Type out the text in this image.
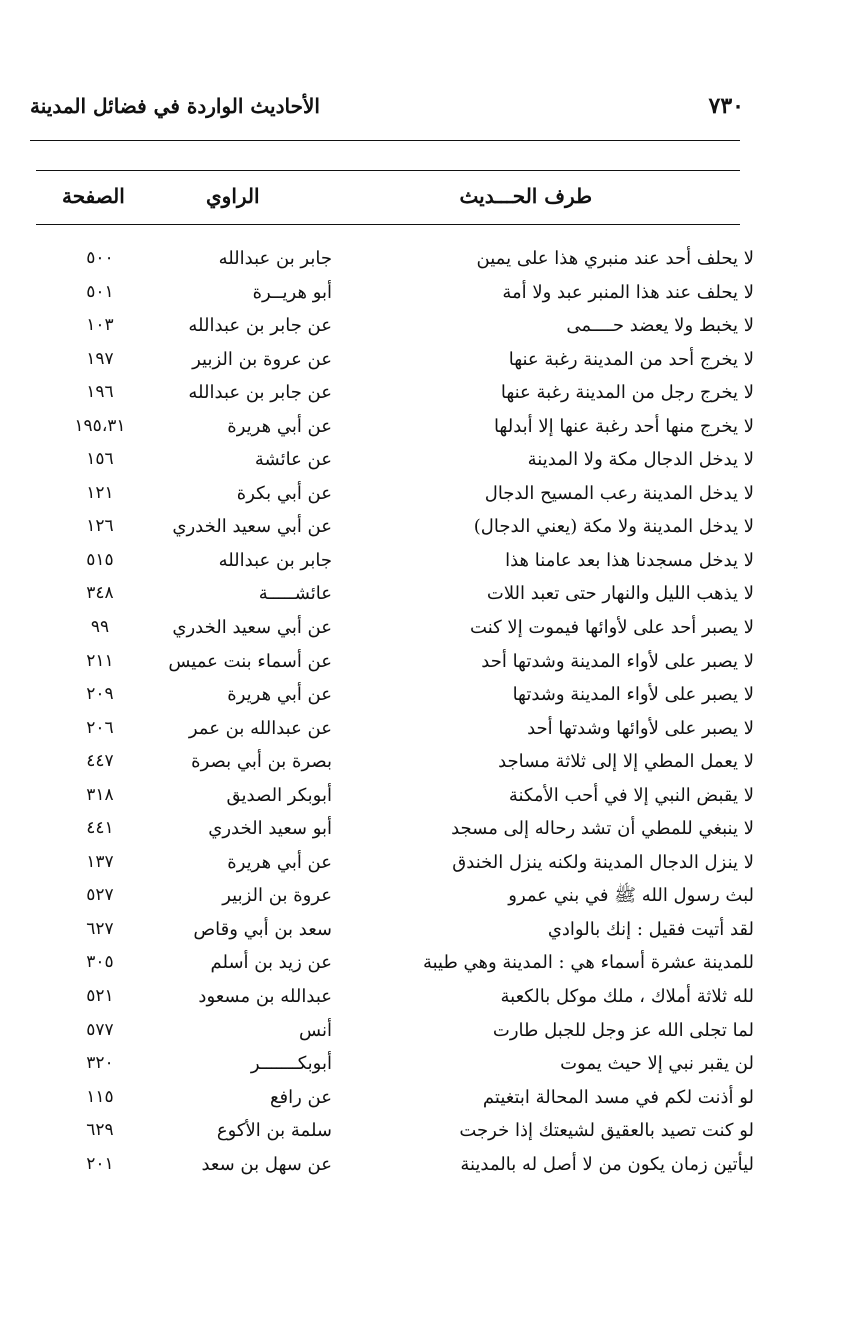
٧٣٠
الأحاديث الواردة في فضائل المدينة
طرف الحـــديث
الراوي
الصفحة
لا يحلف أحد عند منبري هذا على يمين
جابر بن عبدالله
٥٠٠
لا يحلف عند هذا المنبر عبد ولا أمة
أبو هريــرة
٥٠١
لا يخبط ولا يعضد حــــمى
عن جابر بن عبدالله
١٠٣
لا يخرج أحد من المدينة رغبة عنها
عن عروة بن الزبير
١٩٧
لا يخرج رجل من المدينة رغبة عنها
عن جابر بن عبدالله
١٩٦
لا يخرج منها أحد رغبة عنها إلا أبدلها
عن أبي هريرة
١٩٥،٣١
لا يدخل الدجال مكة ولا المدينة
عن عائشة
١٥٦
لا يدخل المدينة رعب المسيح الدجال
عن أبي بكرة
١٢١
لا يدخل المدينة ولا مكة (يعني الدجال)
عن أبي سعيد الخدري
١٢٦
لا يدخل مسجدنا هذا بعد عامنا هذا
جابر بن عبدالله
٥١٥
لا يذهب الليل والنهار حتى تعبد اللات
عائشـــــة
٣٤٨
لا يصبر أحد على لأوائها فيموت إلا كنت
عن أبي سعيد الخدري
٩٩
لا يصبر على لأواء المدينة وشدتها أحد
عن أسماء بنت عميس
٢١١
لا يصبر على لأواء المدينة وشدتها
عن أبي هريرة
٢٠٩
لا يصبر على لأوائها وشدتها أحد
عن عبدالله بن عمر
٢٠٦
لا يعمل المطي إلا إلى ثلاثة مساجد
بصرة بن أبي بصرة
٤٤٧
لا يقبض النبي إلا في أحب الأمكنة
أبوبكر الصديق
٣١٨
لا ينبغي للمطي أن تشد رحاله إلى مسجد
أبو سعيد الخدري
٤٤١
لا ينزل الدجال المدينة ولكنه ينزل الخندق
عن أبي هريرة
١٣٧
لبث رسول الله ﷺ في بني عمرو
عروة بن الزبير
٥٢٧
لقد أتيت فقيل : إنك بالوادي
سعد بن أبي وقاص
٦٢٧
للمدينة عشرة أسماء هي : المدينة وهي طيبة
عن زيد بن أسلم
٣٠٥
لله ثلاثة أملاك ، ملك موكل بالكعبة
عبدالله بن مسعود
٥٢١
لما تجلى الله عز وجل للجبل طارت
أنس
٥٧٧
لن يقبر نبي إلا حيث يموت
أبوبكـــــــر
٣٢٠
لو أذنت لكم في مسد المحالة ابتغيتم
عن رافع
١١٥
لو كنت تصيد بالعقيق لشيعتك إذا خرجت
سلمة بن الأكوع
٦٢٩
ليأتين زمان يكون من لا أصل له بالمدينة
عن سهل بن سعد
٢٠١
